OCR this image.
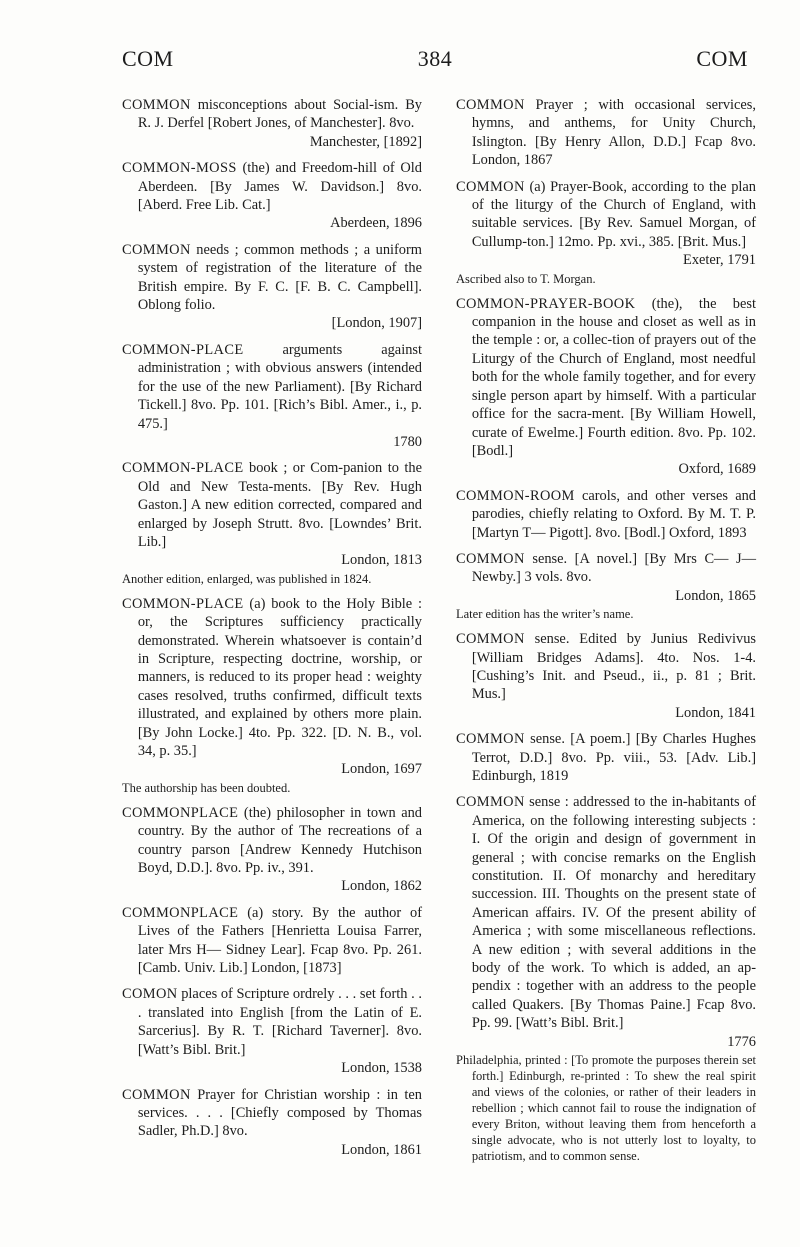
COM	384	COM
COMMON misconceptions about Social-ism. By R. J. Derfel [Robert Jones, of Manchester]. 8vo.
Manchester, [1892]
COMMON-MOSS (the) and Freedom-hill of Old Aberdeen. [By James W. Davidson.] 8vo. [Aberd. Free Lib. Cat.]
Aberdeen, 1896
COMMON needs ; common methods ; a uniform system of registration of the literature of the British empire. By F. C. [F. B. C. Campbell]. Oblong folio.
[London, 1907]
COMMON-PLACE arguments against administration ; with obvious answers (intended for the use of the new Parliament). [By Richard Tickell.] 8vo. Pp. 101. [Rich’s Bibl. Amer., i., p. 475.]
1780
COMMON-PLACE book ; or Com-panion to the Old and New Testa-ments. [By Rev. Hugh Gaston.] A new edition corrected, compared and enlarged by Joseph Strutt. 8vo. [Lowndes’ Brit. Lib.]
London, 1813
Another edition, enlarged, was published in 1824.
COMMON-PLACE (a) book to the Holy Bible : or, the Scriptures sufficiency practically demonstrated. Wherein whatsoever is contain’d in Scripture, respecting doctrine, worship, or manners, is reduced to its proper head : weighty cases resolved, truths confirmed, difficult texts illustrated, and explained by others more plain. [By John Locke.] 4to. Pp. 322. [D. N. B., vol. 34, p. 35.]
London, 1697
The authorship has been doubted.
COMMONPLACE (the) philosopher in town and country. By the author of The recreations of a country parson [Andrew Kennedy Hutchison Boyd, D.D.]. 8vo. Pp. iv., 391.
London, 1862
COMMONPLACE (a) story. By the author of Lives of the Fathers [Henrietta Louisa Farrer, later Mrs H— Sidney Lear]. Fcap 8vo. Pp. 261. [Camb. Univ. Lib.] London, [1873]
COMON places of Scripture ordrely . . . set forth . . . translated into English [from the Latin of E. Sarcerius]. By R. T. [Richard Taverner]. 8vo. [Watt’s Bibl. Brit.]
London, 1538
COMMON Prayer for Christian worship : in ten services. . . . [Chiefly composed by Thomas Sadler, Ph.D.] 8vo.
London, 1861
COMMON Prayer ; with occasional services, hymns, and anthems, for Unity Church, Islington. [By Henry Allon, D.D.] Fcap 8vo. London, 1867
COMMON (a) Prayer-Book, according to the plan of the liturgy of the Church of England, with suitable services. [By Rev. Samuel Morgan, of Cullump-ton.] 12mo. Pp. xvi., 385. [Brit. Mus.]
Exeter, 1791
Ascribed also to T. Morgan.
COMMON-PRAYER-BOOK (the), the best companion in the house and closet as well as in the temple : or, a collec-tion of prayers out of the Liturgy of the Church of England, most needful both for the whole family together, and for every single person apart by himself. With a particular office for the sacra-ment. [By William Howell, curate of Ewelme.] Fourth edition. 8vo. Pp. 102. [Bodl.]
Oxford, 1689
COMMON-ROOM carols, and other verses and parodies, chiefly relating to Oxford. By M. T. P. [Martyn T— Pigott]. 8vo. [Bodl.] Oxford, 1893
COMMON sense. [A novel.] [By Mrs C— J— Newby.] 3 vols. 8vo.
London, 1865
Later edition has the writer’s name.
COMMON sense. Edited by Junius Redivivus [William Bridges Adams]. 4to. Nos. 1-4. [Cushing’s Init. and Pseud., ii., p. 81 ; Brit. Mus.]
London, 1841
COMMON sense. [A poem.] [By Charles Hughes Terrot, D.D.] 8vo. Pp. viii., 53. [Adv. Lib.] Edinburgh, 1819
COMMON sense : addressed to the in-habitants of America, on the following interesting subjects : I. Of the origin and design of government in general ; with concise remarks on the English constitution. II. Of monarchy and hereditary succession. III. Thoughts on the present state of American affairs. IV. Of the present ability of America ; with some miscellaneous reflections. A new edition ; with several additions in the body of the work. To which is added, an ap-pendix : together with an address to the people called Quakers. [By Thomas Paine.] Fcap 8vo. Pp. 99. [Watt’s Bibl. Brit.]
1776
Philadelphia, printed : [To promote the purposes therein set forth.] Edinburgh, re-printed : To shew the real spirit and views of the colonies, or rather of their leaders in rebellion ; which cannot fail to rouse the indignation of every Briton, without leaving them from henceforth a single advocate, who is not utterly lost to loyalty, to patriotism, and to common sense.
